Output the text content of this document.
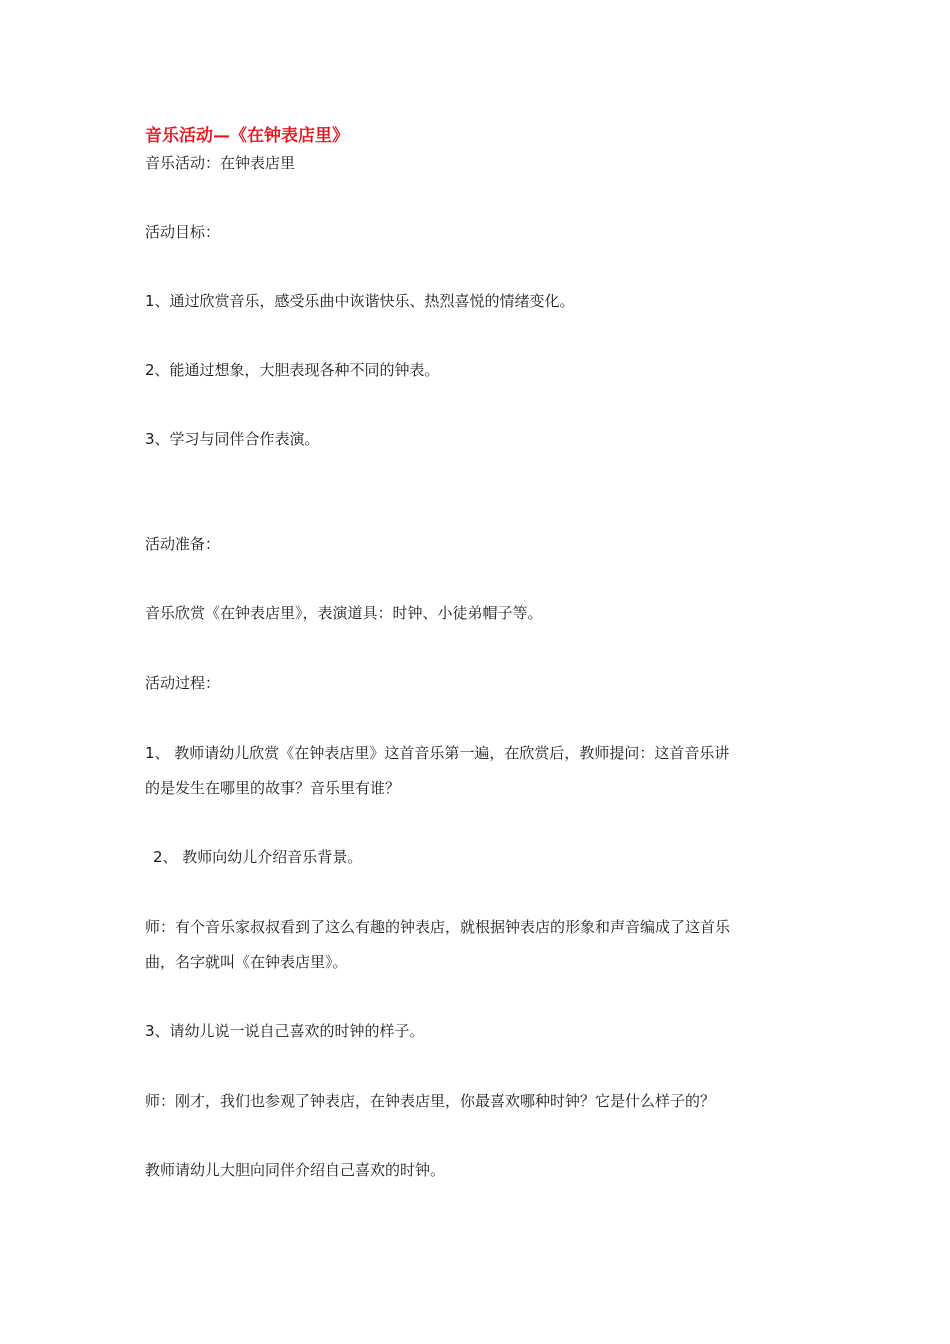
音乐活动—《在钟表店里》
音乐活动：在钟表店里
活动目标：
1、通过欣赏音乐，感受乐曲中诙谐快乐、热烈喜悦的情绪变化。
2、能通过想象，大胆表现各种不同的钟表。
3、学习与同伴合作表演。
活动准备：
音乐欣赏《在钟表店里》，表演道具：时钟、小徒弟帽子等。
活动过程：
1、 教师请幼儿欣赏《在钟表店里》这首音乐第一遍，在欣赏后，教师提问：这首音乐讲
的是发生在哪里的故事？音乐里有谁？
2、 教师向幼儿介绍音乐背景。
师：有个音乐家叔叔看到了这么有趣的钟表店，就根据钟表店的形象和声音编成了这首乐
曲，名字就叫《在钟表店里》。
3、请幼儿说一说自己喜欢的时钟的样子。
师：刚才，我们也参观了钟表店，在钟表店里，你最喜欢哪种时钟？它是什么样子的？
教师请幼儿大胆向同伴介绍自己喜欢的时钟。
